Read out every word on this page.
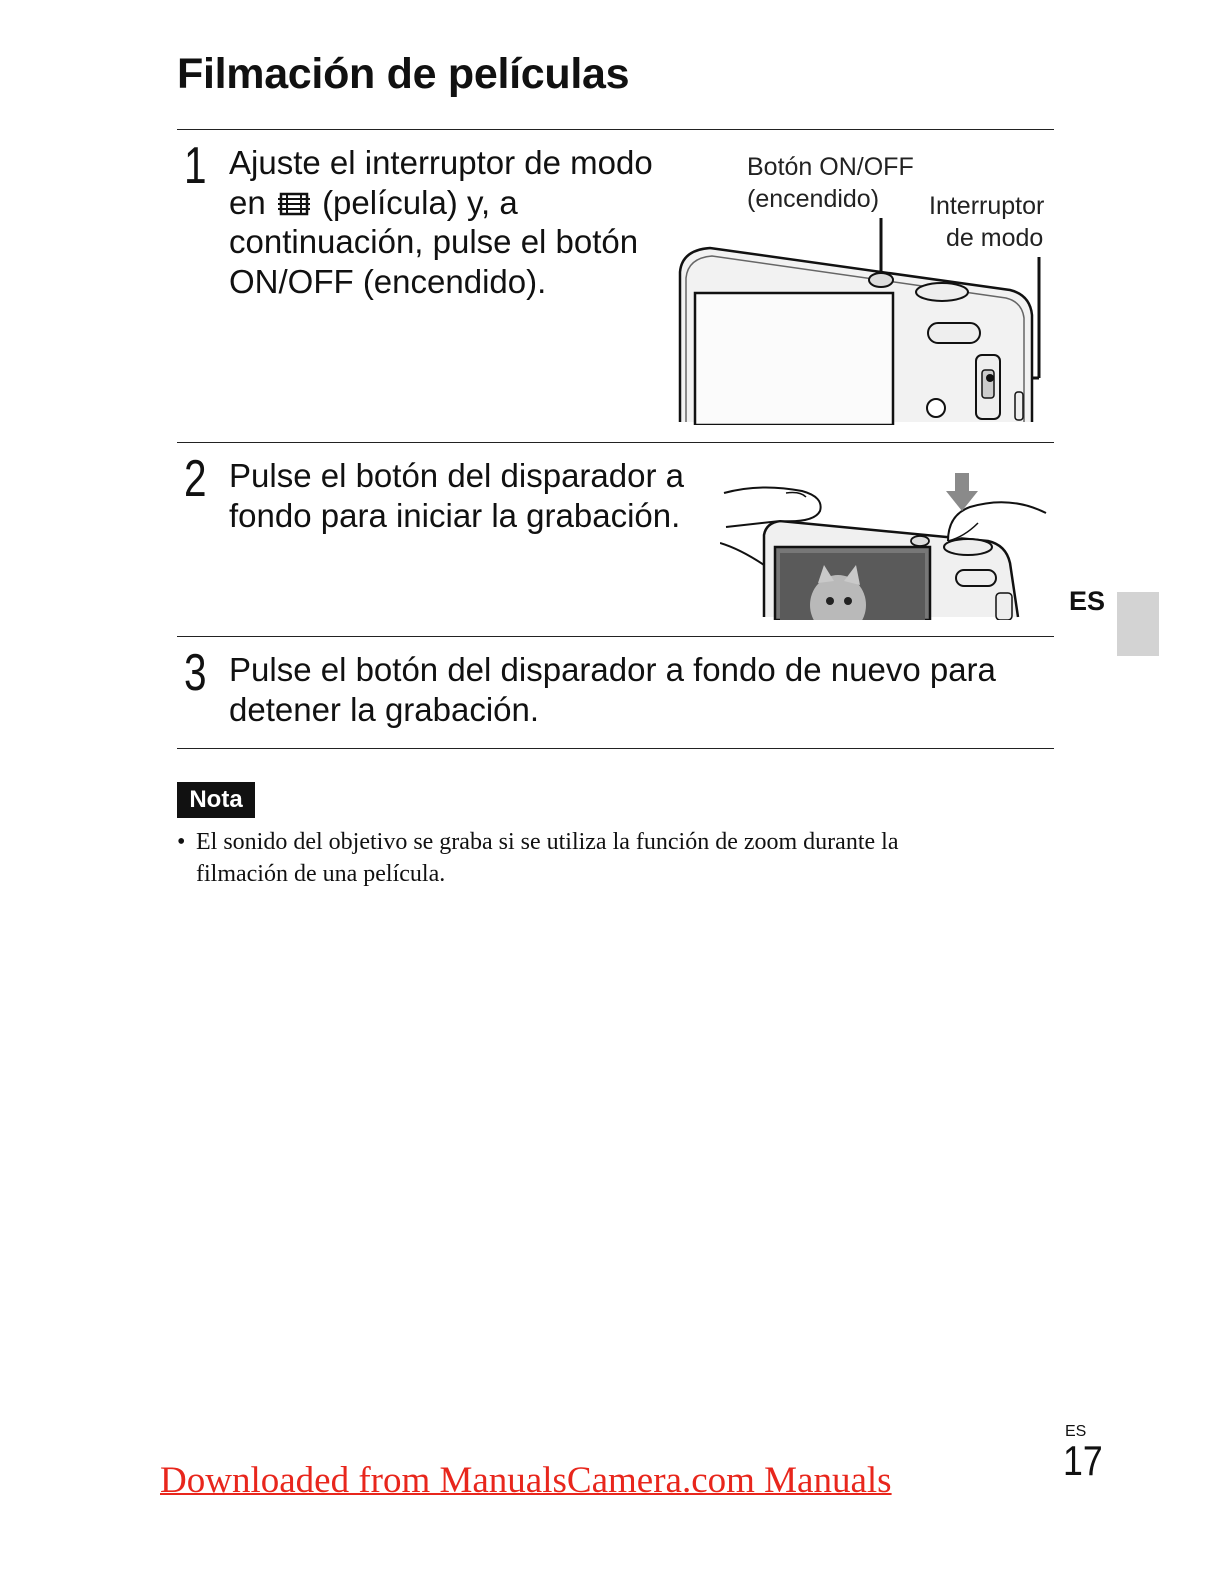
Filmación de películas
1 Ajuste el interruptor de modo en (película) y, a continuación, pulse el botón ON/OFF (encendido).

Botón ON/OFF
(encendido) Interruptor
de modo
2 Pulse el botón del disparador a fondo para iniciar la grabación.

3 Pulse el botón del disparador a fondo de nuevo para detener la grabación.

Nota
• El sonido del objetivo se graba si se utiliza la función de zoom durante la filmación de una película.
ES
ES
17
Downloaded from ManualsCamera.com Manuals
